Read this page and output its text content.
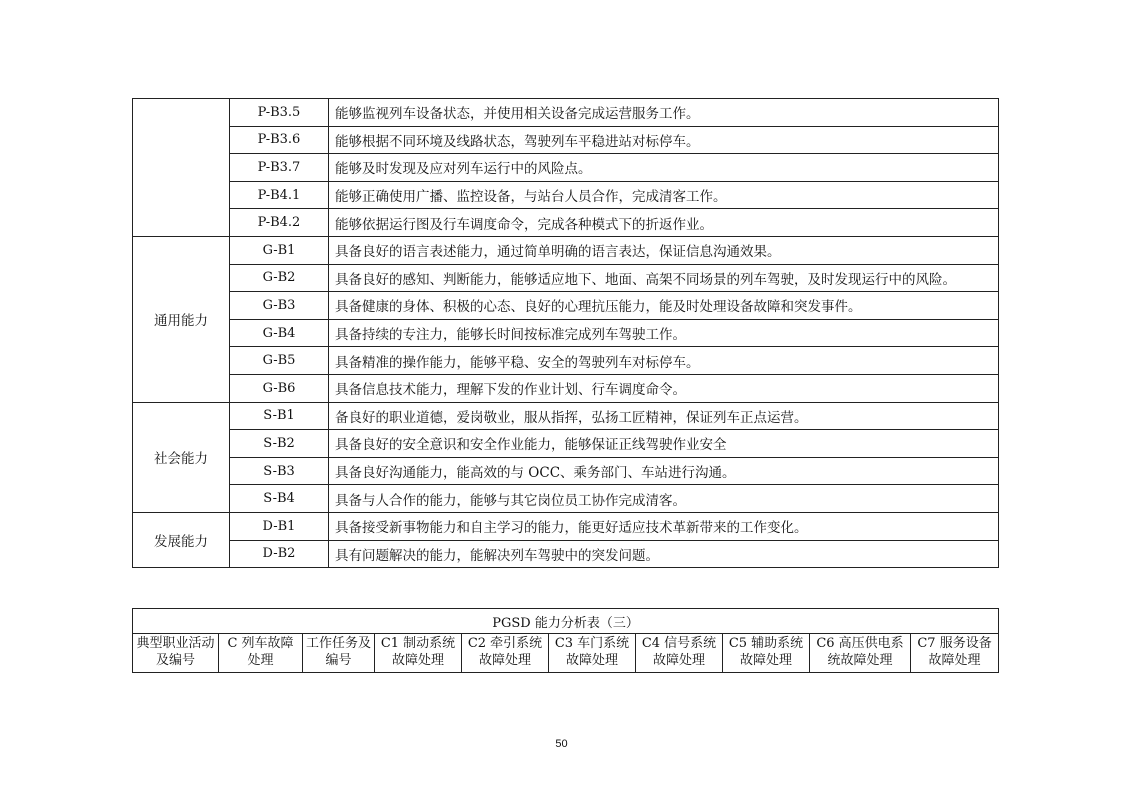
	P-B3.5	能够监视列车设备状态，并使用相关设备完成运营服务工作。
	P-B3.6	能够根据不同环境及线路状态，驾驶列车平稳进站对标停车。
	P-B3.7	能够及时发现及应对列车运行中的风险点。
	P-B4.1	能够正确使用广播、监控设备，与站台人员合作，完成清客工作。
	P-B4.2	能够依据运行图及行车调度命令，完成各种模式下的折返作业。
通用能力	G-B1	具备良好的语言表述能力，通过简单明确的语言表达，保证信息沟通效果。
	G-B2	具备良好的感知、判断能力，能够适应地下、地面、高架不同场景的列车驾驶，及时发现运行中的风险。
	G-B3	具备健康的身体、积极的心态、良好的心理抗压能力，能及时处理设备故障和突发事件。
	G-B4	具备持续的专注力，能够长时间按标准完成列车驾驶工作。
	G-B5	具备精准的操作能力，能够平稳、安全的驾驶列车对标停车。
	G-B6	具备信息技术能力，理解下发的作业计划、行车调度命令。
社会能力	S-B1	备良好的职业道德，爱岗敬业，服从指挥，弘扬工匠精神，保证列车正点运营。
	S-B2	具备良好的安全意识和安全作业能力，能够保证正线驾驶作业安全
	S-B3	具备良好沟通能力，能高效的与 OCC、乘务部门、车站进行沟通。
	S-B4	具备与人合作的能力，能够与其它岗位员工协作完成清客。
发展能力	D-B1	具备接受新事物能力和自主学习的能力，能更好适应技术革新带来的工作变化。
	D-B2	具有问题解决的能力，能解决列车驾驶中的突发问题。
PGSD 能力分析表（三）
典型职业活动及编号	C 列车故障处理	工作任务及编号	C1 制动系统故障处理	C2 牵引系统故障处理	C3 车门系统故障处理	C4 信号系统故障处理	C5 辅助系统故障处理	C6 高压供电系统故障处理	C7 服务设备故障处理
50
